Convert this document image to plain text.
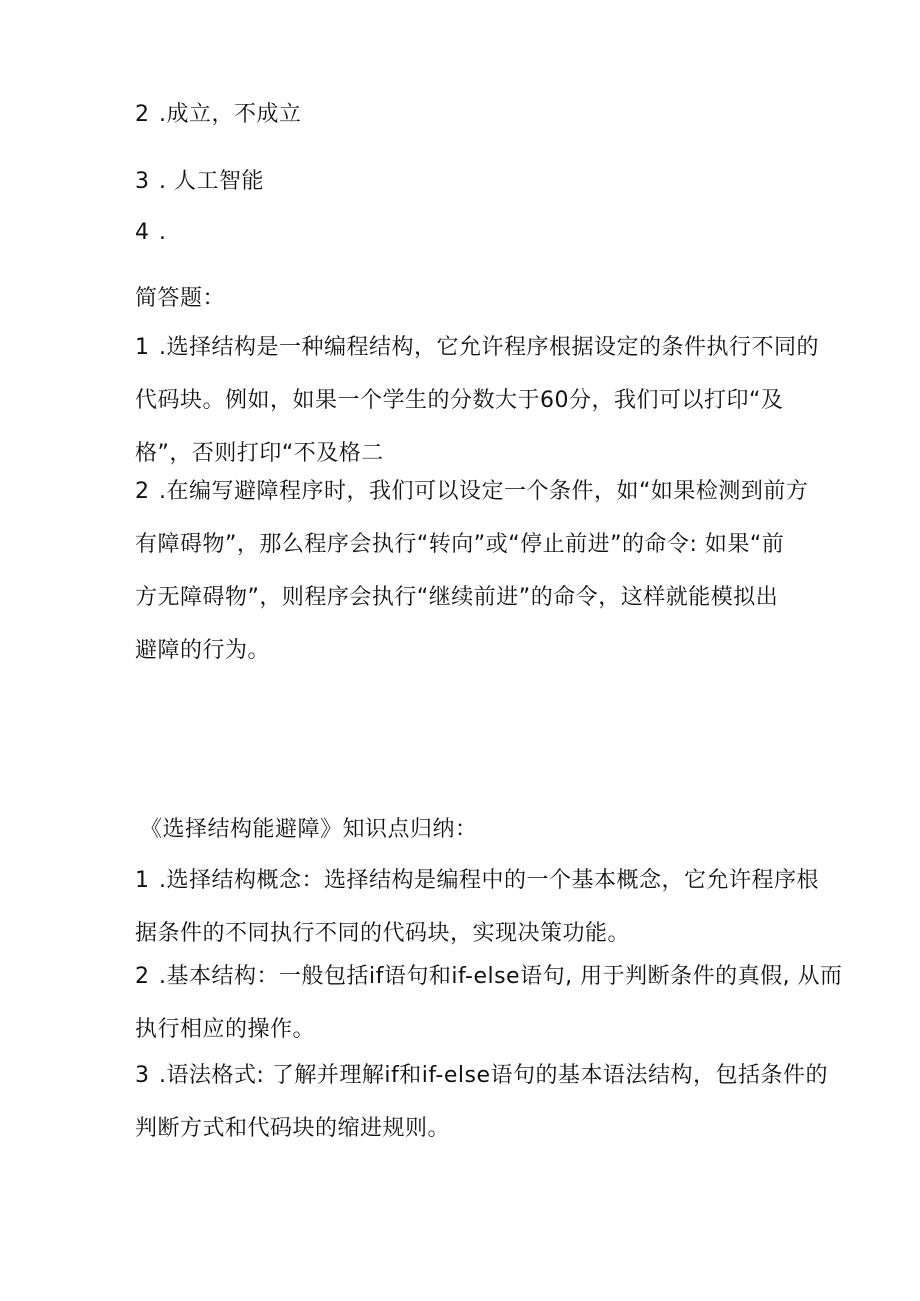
2 .成立，不成立
3 . 人工智能
4 .
简答题：
1 .选择结构是一种编程结构，它允许程序根据设定的条件执行不同的
代码块。例如，如果一个学生的分数大于60分，我们可以打印“及
格”，否则打印“不及格二
2 .在编写避障程序时，我们可以设定一个条件，如“如果检测到前方
有障碍物”，那么程序会执行“转向”或“停止前进”的命令: 如果“前
方无障碍物”，则程序会执行“继续前进”的命令，这样就能模拟出
避障的行为。
《选择结构能避障》知识点归纳：
1 .选择结构概念：选择结构是编程中的一个基本概念，它允许程序根
据条件的不同执行不同的代码块，实现决策功能。
2 .基本结构：一般包括if语句和if-else语句, 用于判断条件的真假, 从而
执行相应的操作。
3 .语法格式: 了解并理解if和if-else语句的基本语法结构，包括条件的
判断方式和代码块的缩进规则。
